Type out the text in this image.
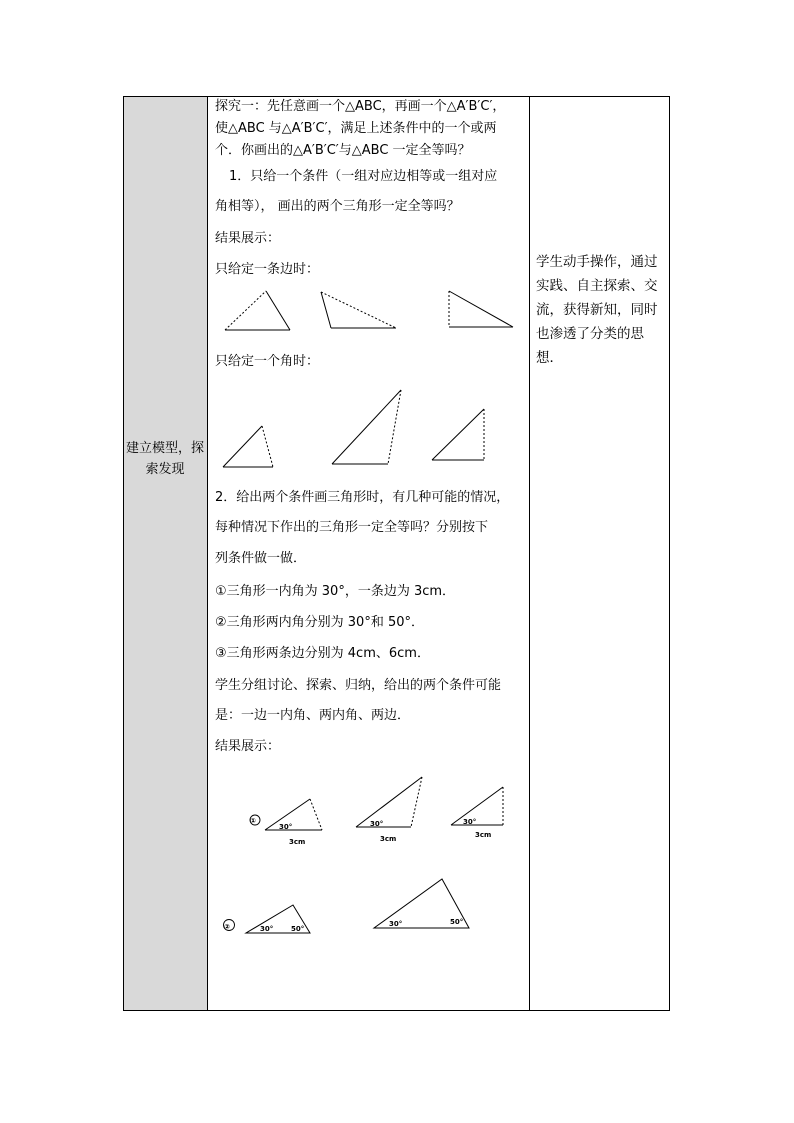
建立模型，探索发现
学生动手操作，通过实践、自主探索、交流，获得新知，同时也渗透了分类的思想．
探究一：先任意画一个△ABC，再画一个△A′B′C′，
使△ABC 与△A′B′C′，满足上述条件中的一个或两
个．你画出的△A′B′C′与△ABC 一定全等吗？
1．只给一个条件（一组对应边相等或一组对应
角相等）， 画出的两个三角形一定全等吗？
结果展示：
只给定一条边时：
只给定一个角时：
2．给出两个条件画三角形时，有几种可能的情况，
每种情况下作出的三角形一定全等吗？分别按下
列条件做一做．
①三角形一内角为 30°，一条边为 3cm．
②三角形两内角分别为 30°和 50°．
③三角形两条边分别为 4cm、6cm．
学生分组讨论、探索、归纳，给出的两个条件可能
是：一边一内角、两内角、两边．
结果展示：
①
②
30°	30°	30°
3cm	3cm	3cm
30°	50°
30°	50°
